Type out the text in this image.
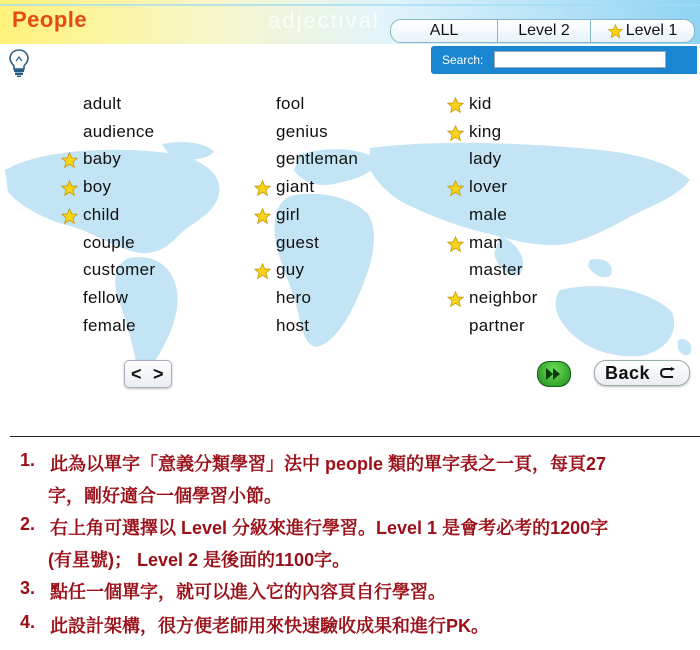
People	adjectival	ALL	Level 2	Level 1
Search:
adult
audience
baby
boy
child
couple
customer
fellow
female
fool
genius
gentleman
giant
girl
guest
guy
hero
host
kid
king
lady
lover
male
man
master
neighbor
partner
< >	Back
1. 此為以單字「意義分類學習」法中 people 類的單字表之一頁，每頁27
字，剛好適合一個學習小節。
2. 右上角可選擇以 Level 分級來進行學習。Level 1 是會考必考的1200字
(有星號)； Level 2 是後面的1100字。
3. 點任一個單字，就可以進入它的內容頁自行學習。
4. 此設計架構，很方便老師用來快速驗收成果和進行PK。
